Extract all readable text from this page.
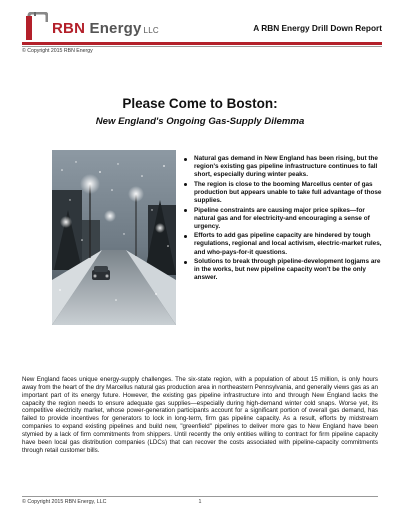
RBN Energy LLC	A RBN Energy Drill Down Report
© Copyright 2015 RBN Energy
Please Come to Boston:
New England's Ongoing Gas-Supply Dilemma
Natural gas demand in New England has been rising, but the region's existing gas pipeline infrastructure continues to fall short, especially during winter peaks.
The region is close to the booming Marcellus center of gas production but appears unable to take full advantage of those supplies.
Pipeline constraints are causing major price spikes—for natural gas and for electricity-and encouraging a sense of urgency.
Efforts to add gas pipeline capacity are hindered by tough regulations, regional and local activism, electric-market rules, and who-pays-for-it questions.
Solutions to break through pipeline-development logjams are in the works, but new pipeline capacity won't be the only answer.

New England faces unique energy-supply challenges. The six-state region, with a population of about 15 million, is only hours away from the heart of the dry Marcellus natural gas production area in northeastern Pennsylvania, and generally views gas as an important part of its energy future. However, the existing gas pipeline infrastructure into and through New England lacks the capacity the region needs to ensure adequate gas supplies—especially during high-demand winter cold snaps. Worse yet, its competitive electricity market, whose power-generation participants account for a significant portion of overall gas demand, has failed to provide incentives for generators to lock in long-term, firm gas pipeline capacity. As a result, efforts by midstream companies to expand existing pipelines and build new, "greenfield" pipelines to deliver more gas to New England have been stymied by a lack of firm commitments from shippers. Until recently the only entities willing to contract for firm pipeline capacity have been local gas distribution companies (LDCs) that can recover the costs associated with pipeline-capacity commitments through retail customer bills.

© Copyright 2015 RBN Energy, LLC	1
